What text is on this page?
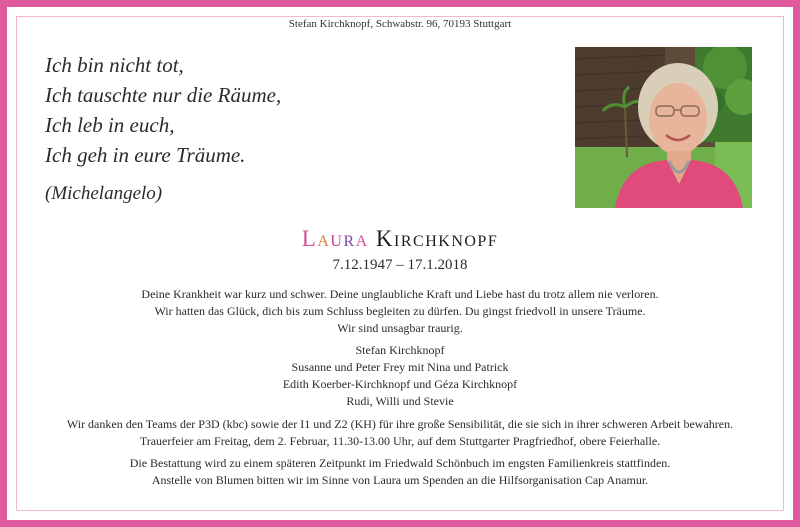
Stefan Kirchknopf, Schwabstr. 96, 70193 Stuttgart
Ich bin nicht tot,
Ich tauschte nur die Räume,
Ich leb in euch,
Ich geh in eure Träume.
(Michelangelo)
Laura Kirchknopf
7.12.1947 – 17.1.2018
Deine Krankheit war kurz und schwer. Deine unglaubliche Kraft und Liebe hast du trotz allem nie verloren.
Wir hatten das Glück, dich bis zum Schluss begleiten zu dürfen. Du gingst friedvoll in unsere Träume.
Wir sind unsagbar traurig.
Stefan Kirchknopf
Susanne und Peter Frey mit Nina und Patrick
Edith Koerber-Kirchknopf und Géza Kirchknopf
Rudi, Willi und Stevie
Wir danken den Teams der P3D (kbc) sowie der I1 und Z2 (KH) für ihre große Sensibilität, die sie sich in ihrer schweren Arbeit bewahren.
Trauerfeier am Freitag, dem 2. Februar, 11.30-13.00 Uhr, auf dem Stuttgarter Pragfriedhof, obere Feierhalle.
Die Bestattung wird zu einem späteren Zeitpunkt im Friedwald Schönbuch im engsten Familienkreis stattfinden.
Anstelle von Blumen bitten wir im Sinne von Laura um Spenden an die Hilfsorganisation Cap Anamur.
